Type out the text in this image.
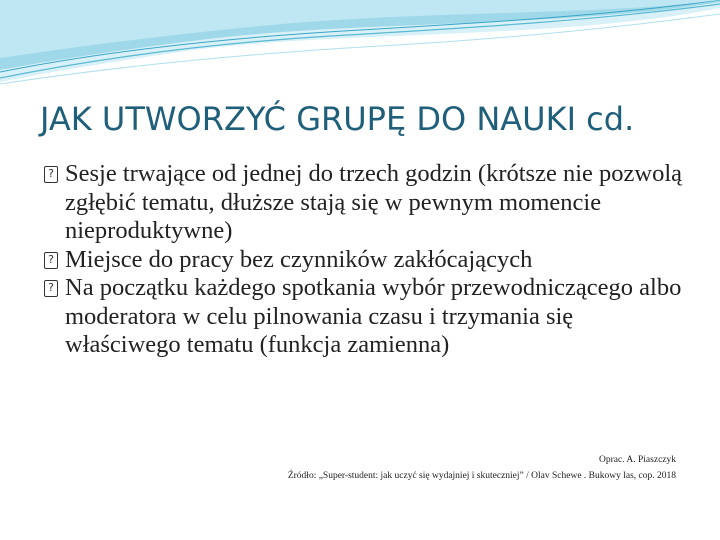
JAK UTWORZYĆ GRUPĘ DO NAUKI cd.
? Sesje trwające od jednej do trzech godzin (krótsze nie pozwolą zgłębić tematu, dłuższe stają się w pewnym momencie nieproduktywne)
? Miejsce do pracy bez czynników zakłócających
? Na początku każdego spotkania wybór przewodniczącego albo moderatora w celu pilnowania czasu i trzymania się właściwego tematu (funkcja zamienna)
Oprac. A. Piaszczyk
Źródło: „Super-student: jak uczyć się wydajniej i skuteczniej” / Olav Schewe . Bukowy las, cop. 2018
